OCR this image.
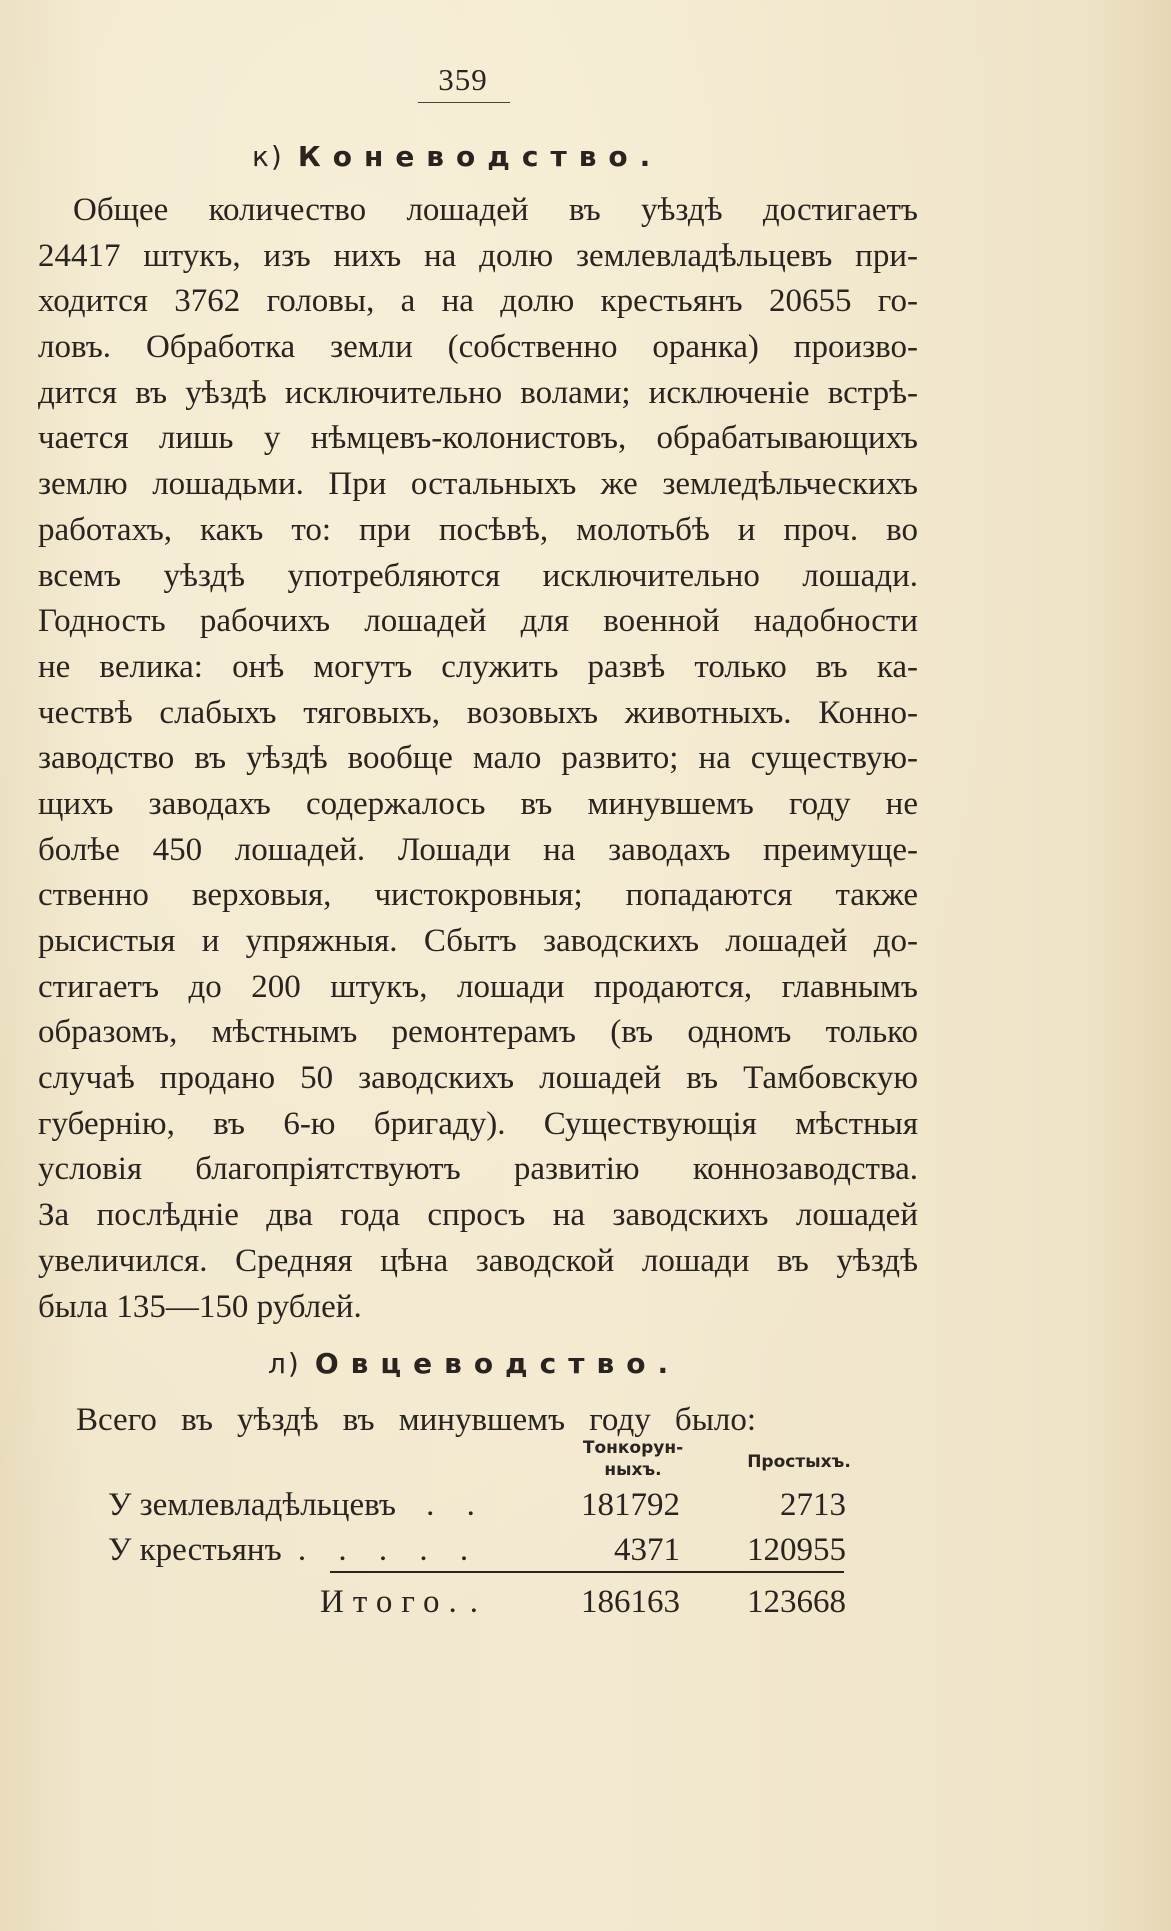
359
к) Коневодство.
Общее количество лошадей въ уѣздѣ достигаетъ
24417 штукъ, изъ нихъ на долю землевладѣльцевъ при-
ходится 3762 головы, а на долю крестьянъ 20655 го-
ловъ. Обработка земли (собственно оранка) произво-
дится въ уѣздѣ исключительно волами; исключеніе встрѣ-
чается лишь у нѣмцевъ-колонистовъ, обрабатывающихъ
землю лошадьми. При остальныхъ же земледѣльческихъ
работахъ, какъ то: при посѣвѣ, молотьбѣ и проч. во
всемъ уѣздѣ употребляются исключительно лошади.
Годность рабочихъ лошадей для военной надобности
не велика: онѣ могутъ служить развѣ только въ ка-
чествѣ слабыхъ тяговыхъ, возовыхъ животныхъ. Конно-
заводство въ уѣздѣ вообще мало развито; на существую-
щихъ заводахъ содержалось въ минувшемъ году не
болѣе 450 лошадей. Лошади на заводахъ преимуще-
ственно верховыя, чистокровныя; попадаются также
рысистыя и упряжныя. Сбытъ заводскихъ лошадей до-
стигаетъ до 200 штукъ, лошади продаются, главнымъ
образомъ, мѣстнымъ ремонтерамъ (въ одномъ только
случаѣ продано 50 заводскихъ лошадей въ Тамбовскую
губернію, въ 6-ю бригаду). Существующія мѣстныя
условія благопріятствуютъ развитію коннозаводства.
За послѣдніе два года спросъ на заводскихъ лошадей
увеличился. Средняя цѣна заводской лошади въ уѣздѣ
была 135—150 рублей.
л) Овцеводство.
Всего въ уѣздѣ въ минувшемъ году было:
Тонкорун-
ныхъ.	Простыхъ.
У землевладѣльцевъ . .	181792	2713
У крестьянъ . . . . .	4371	120955
Итого. .	186163	123668
